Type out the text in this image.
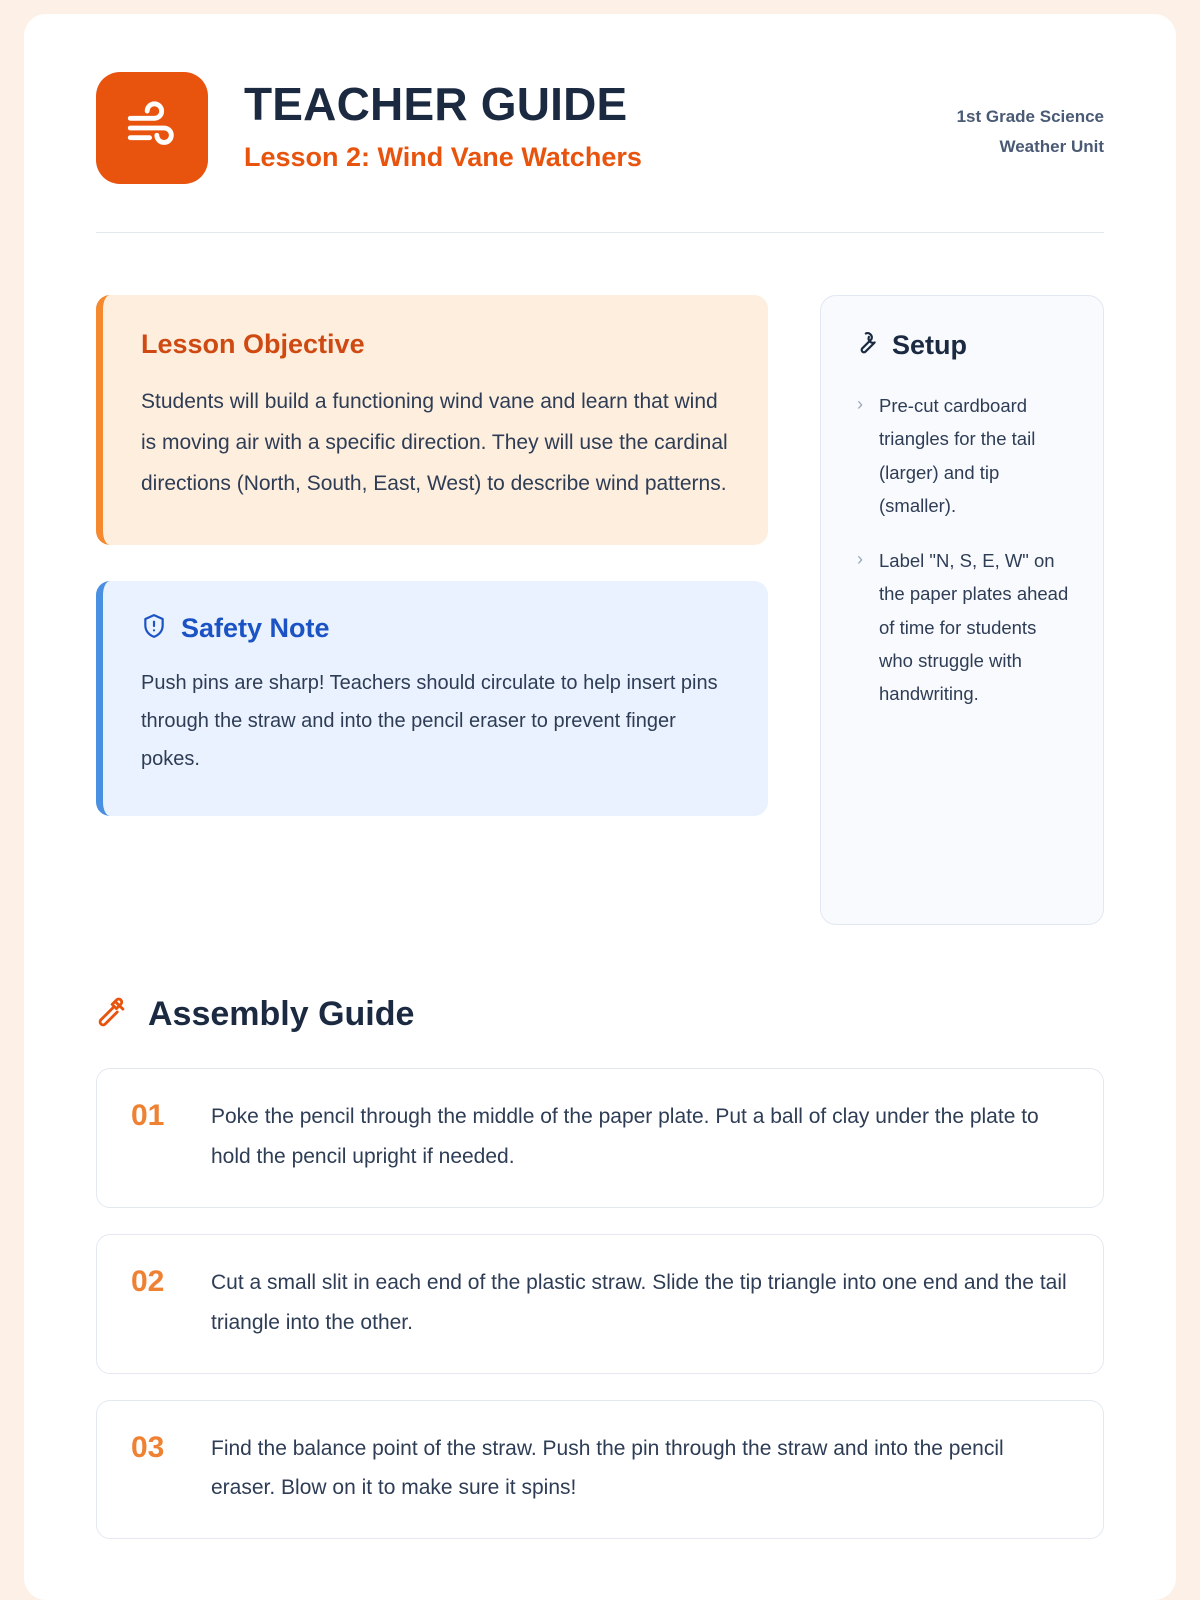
TEACHER GUIDE
Lesson 2: Wind Vane Watchers
1st Grade Science
Weather Unit
Lesson Objective

Students will build a functioning wind vane and learn that wind is moving air with a specific direction. They will use the cardinal directions (North, South, East, West) to describe wind patterns.

Safety Note

Push pins are sharp! Teachers should circulate to help insert pins through the straw and into the pencil eraser to prevent finger pokes.

Setup
› Pre-cut cardboard triangles for the tail (larger) and tip (smaller).
› Label "N, S, E, W" on the paper plates ahead of time for students who struggle with handwriting.
Assembly Guide
01	Poke the pencil through the middle of the paper plate. Put a ball of clay under the plate to hold the pencil upright if needed.
02	Cut a small slit in each end of the plastic straw. Slide the tip triangle into one end and the tail triangle into the other.
03	Find the balance point of the straw. Push the pin through the straw and into the pencil eraser. Blow on it to make sure it spins!
